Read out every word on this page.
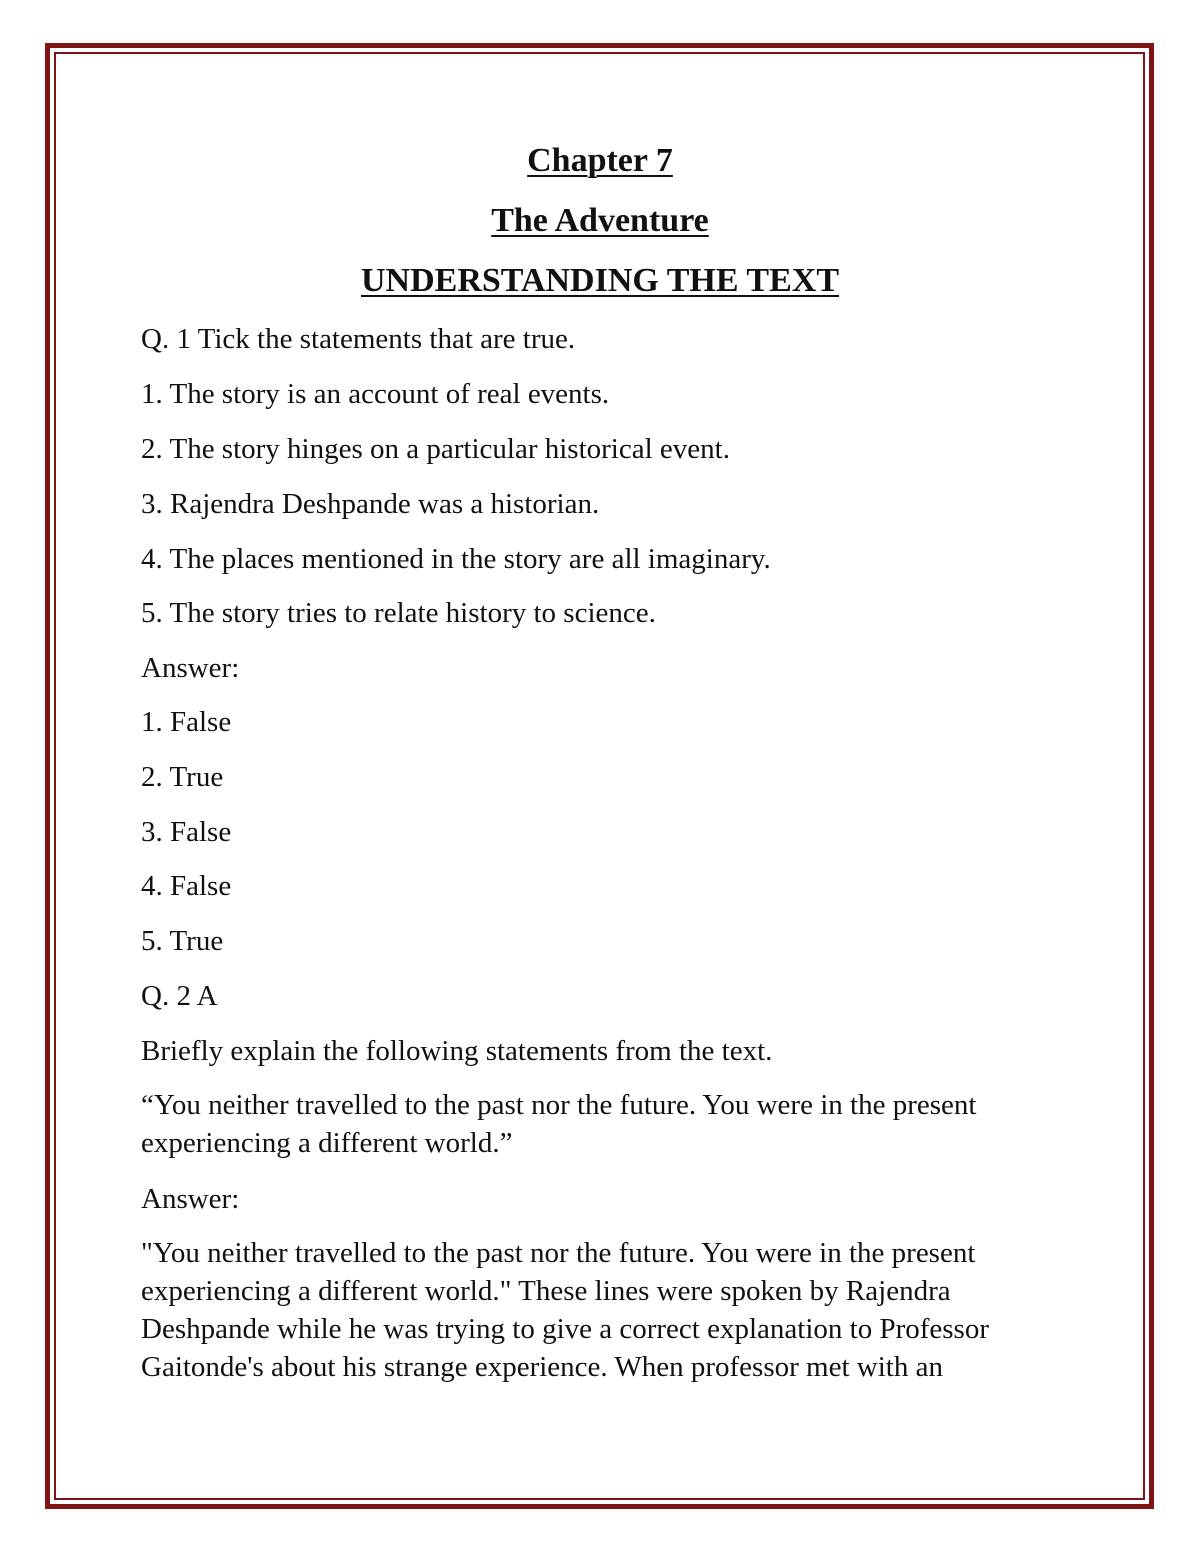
Chapter 7
The Adventure
UNDERSTANDING THE TEXT

Q. 1 Tick the statements that are true.

1. The story is an account of real events.

2. The story hinges on a particular historical event.

3. Rajendra Deshpande was a historian.

4. The places mentioned in the story are all imaginary.

5. The story tries to relate history to science.

Answer:

1. False

2. True

3. False

4. False

5. True

Q. 2 A

Briefly explain the following statements from the text.

“You neither travelled to the past nor the future. You were in the present

experiencing a different world.”

Answer:

"You neither travelled to the past nor the future. You were in the present experiencing a different world." These lines were spoken by Rajendra Deshpande while he was trying to give a correct explanation to Professor Gaitonde's about his strange experience. When professor met with an
